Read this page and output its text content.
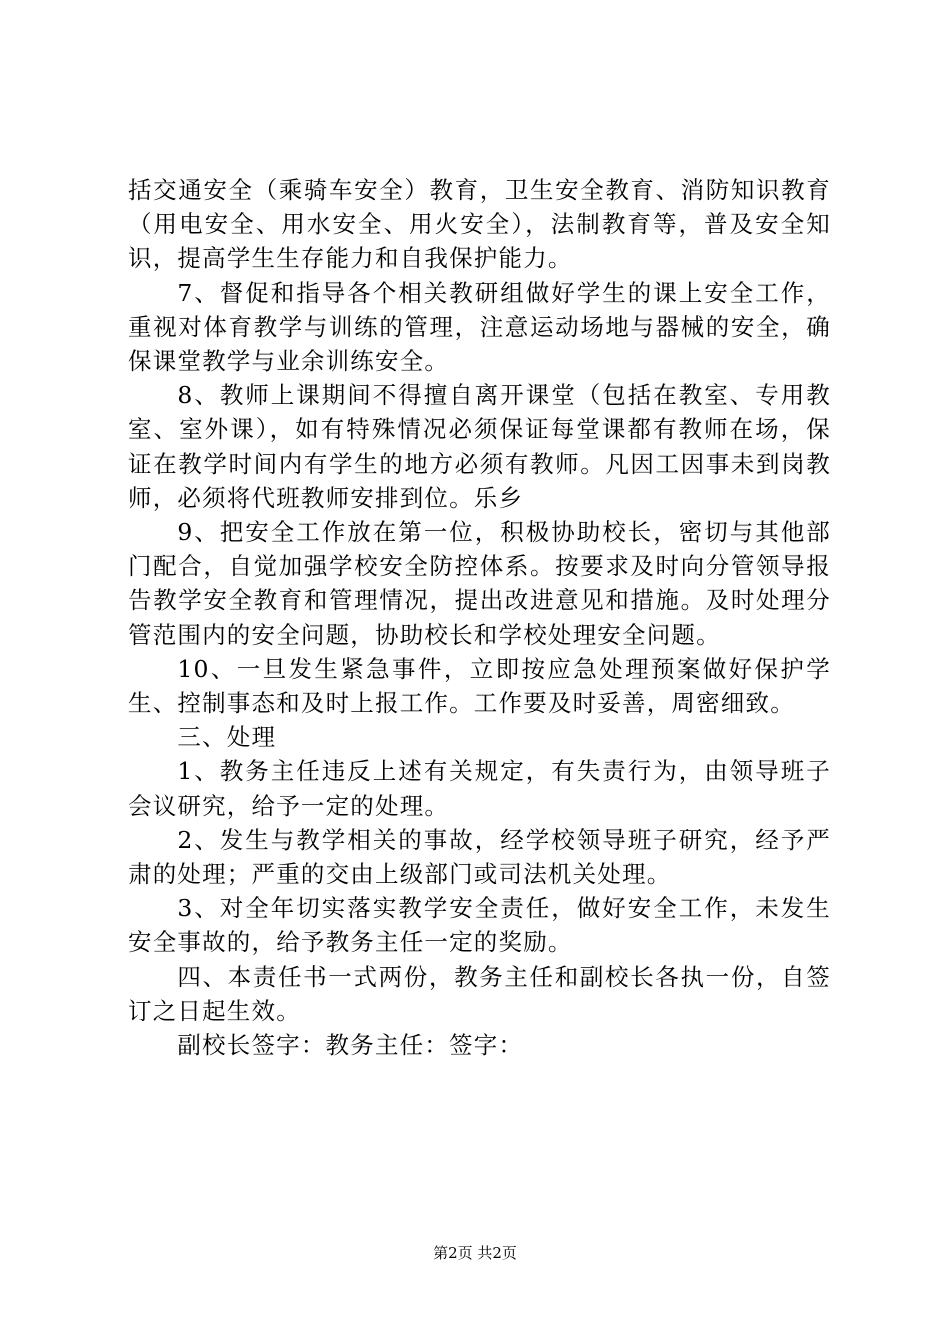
括交通安全（乘骑车安全）教育，卫生安全教育、消防知识教育（用电安全、用水安全、用火安全），法制教育等，普及安全知识，提高学生生存能力和自我保护能力。

7、督促和指导各个相关教研组做好学生的课上安全工作，重视对体育教学与训练的管理，注意运动场地与器械的安全，确保课堂教学与业余训练安全。

8、教师上课期间不得擅自离开课堂（包括在教室、专用教室、室外课），如有特殊情况必须保证每堂课都有教师在场，保证在教学时间内有学生的地方必须有教师。凡因工因事未到岗教师，必须将代班教师安排到位。乐乡

9、把安全工作放在第一位，积极协助校长，密切与其他部门配合，自觉加强学校安全防控体系。按要求及时向分管领导报告教学安全教育和管理情况，提出改进意见和措施。及时处理分管范围内的安全问题，协助校长和学校处理安全问题。

10、一旦发生紧急事件，立即按应急处理预案做好保护学生、控制事态和及时上报工作。工作要及时妥善，周密细致。

三、处理

1、教务主任违反上述有关规定，有失责行为，由领导班子会议研究，给予一定的处理。

2、发生与教学相关的事故，经学校领导班子研究，经予严肃的处理；严重的交由上级部门或司法机关处理。

3、对全年切实落实教学安全责任，做好安全工作，未发生安全事故的，给予教务主任一定的奖励。

四、本责任书一式两份，教务主任和副校长各执一份，自签订之日起生效。

副校长签字：教务主任：签字：

第2页 共2页
